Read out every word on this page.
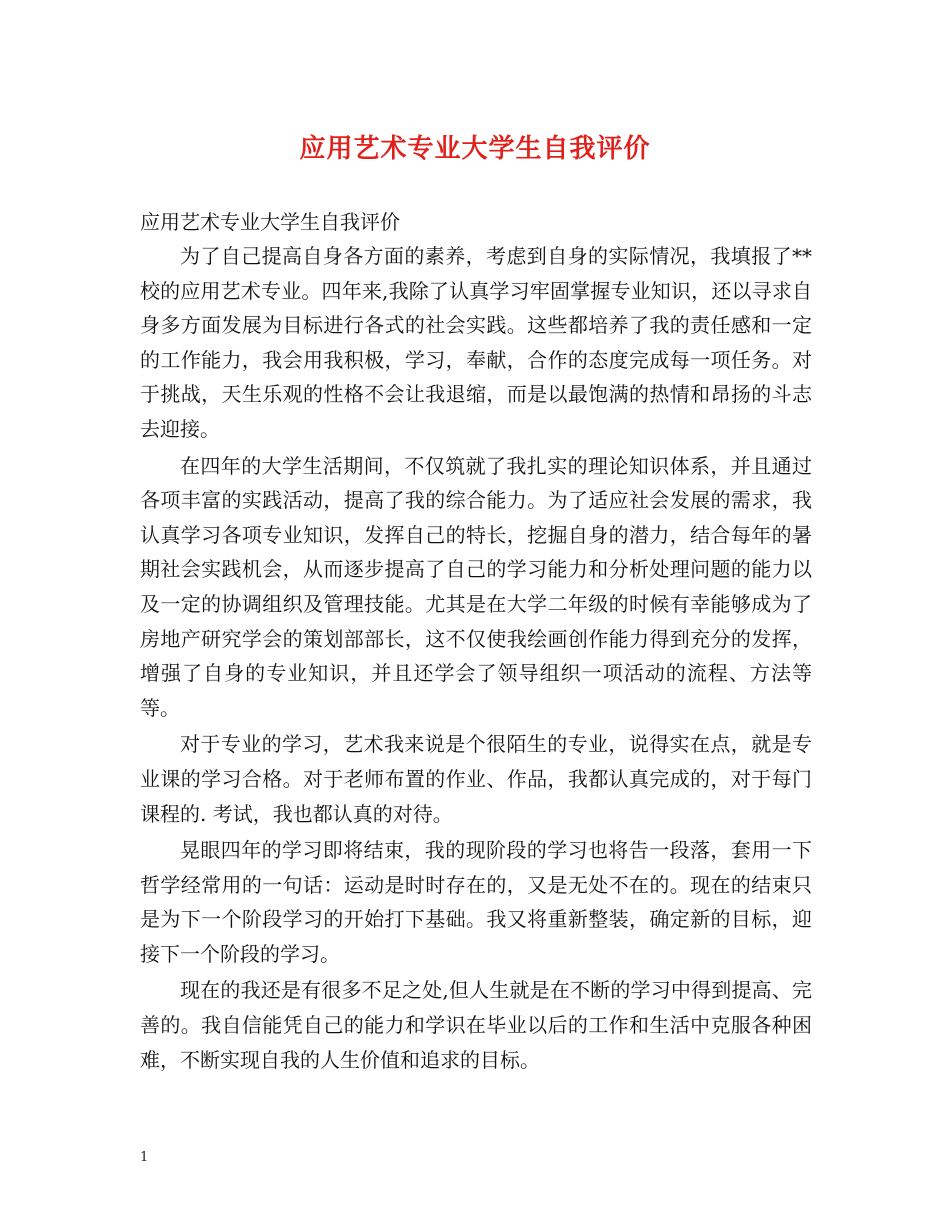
应用艺术专业大学生自我评价

应用艺术专业大学生自我评价

为了自己提高自身各方面的素养，考虑到自身的实际情况，我填报了**校的应用艺术专业。四年来,我除了认真学习牢固掌握专业知识，还以寻求自身多方面发展为目标进行各式的社会实践。这些都培养了我的责任感和一定的工作能力，我会用我积极，学习，奉献，合作的态度完成每一项任务。对于挑战，天生乐观的性格不会让我退缩，而是以最饱满的热情和昂扬的斗志去迎接。

在四年的大学生活期间，不仅筑就了我扎实的理论知识体系，并且通过各项丰富的实践活动，提高了我的综合能力。为了适应社会发展的需求，我认真学习各项专业知识，发挥自己的特长，挖掘自身的潜力，结合每年的暑期社会实践机会，从而逐步提高了自己的学习能力和分析处理问题的能力以及一定的协调组织及管理技能。尤其是在大学二年级的时候有幸能够成为了房地产研究学会的策划部部长，这不仅使我绘画创作能力得到充分的发挥，增强了自身的专业知识，并且还学会了领导组织一项活动的流程、方法等等。

对于专业的学习，艺术我来说是个很陌生的专业，说得实在点，就是专业课的学习合格。对于老师布置的作业、作品，我都认真完成的，对于每门课程的. 考试，我也都认真的对待。

晃眼四年的学习即将结束，我的现阶段的学习也将告一段落，套用一下哲学经常用的一句话：运动是时时存在的，又是无处不在的。现在的结束只是为下一个阶段学习的开始打下基础。我又将重新整装，确定新的目标，迎接下一个阶段的学习。

现在的我还是有很多不足之处,但人生就是在不断的学习中得到提高、完善的。我自信能凭自己的能力和学识在毕业以后的工作和生活中克服各种困难，不断实现自我的人生价值和追求的目标。

1
